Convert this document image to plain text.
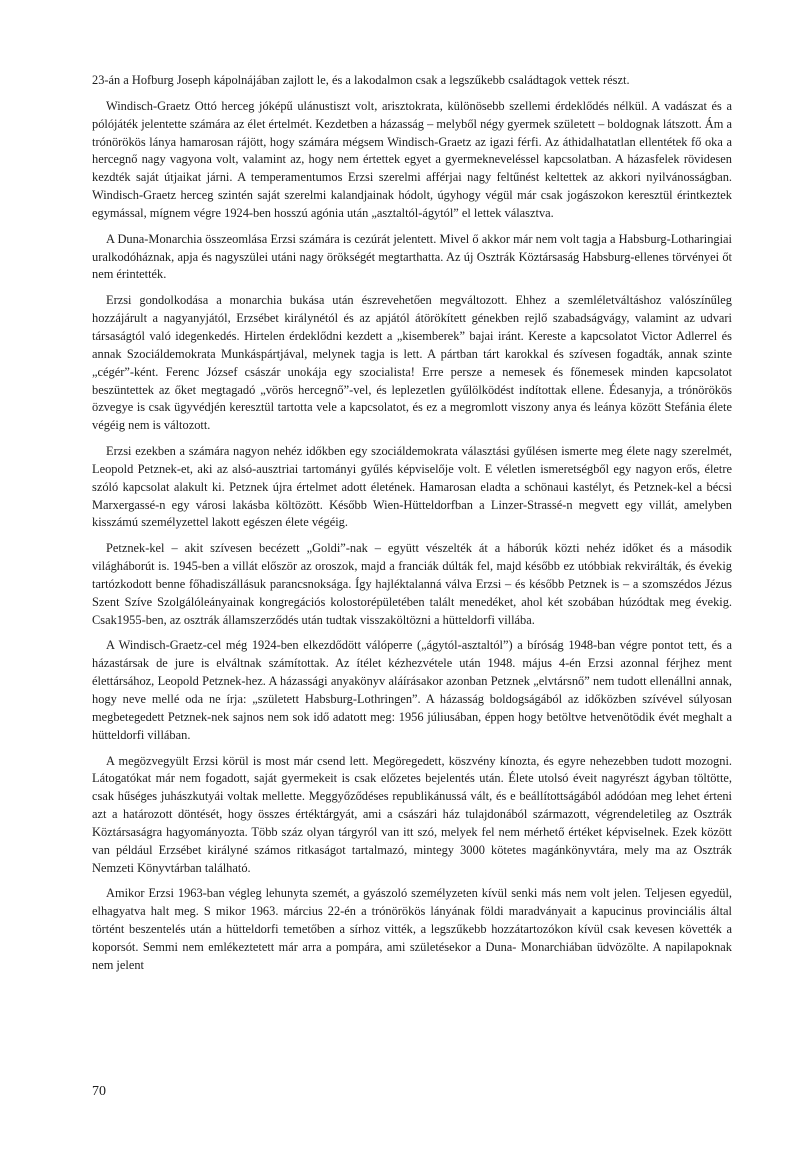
23-án a Hofburg Joseph kápolnájában zajlott le, és a lakodalmon csak a legszűkebb családtagok vettek részt.

Windisch-Graetz Ottó herceg jóképű ulánustiszt volt, arisztokrata, különösebb szellemi érdeklődés nélkül. A vadászat és a pólójáték jelentette számára az élet értelmét. Kezdetben a házasság – melyből négy gyermek született – boldognak látszott. Ám a trónörökös lánya hamarosan rájött, hogy számára mégsem Windisch-Graetz az igazi férfi. Az áthidalhatatlan ellentétek fő oka a hercegnő nagy vagyona volt, valamint az, hogy nem értettek egyet a gyermekneveléssel kapcsolatban. A házasfelek rövidesen kezdték saját útjaikat járni. A temperamentumos Erzsi szerelmi afférjai nagy feltűnést keltettek az akkori nyilvánosságban. Windisch-Graetz herceg szintén saját szerelmi kalandjainak hódolt, úgyhogy végül már csak jogászokon keresztül érintkeztek egymással, mígnem végre 1924-ben hosszú agónia után „asztaltól-ágytól” el lettek választva.

A Duna-Monarchia összeomlása Erzsi számára is cezúrát jelentett. Mivel ő akkor már nem volt tagja a Habsburg-Lotharingiai uralkodóháznak, apja és nagyszülei utáni nagy örökségét megtarthatta. Az új Osztrák Köztársaság Habsburg-ellenes törvényei őt nem érintették.

Erzsi gondolkodása a monarchia bukása után észrevehetően megváltozott. Ehhez a szemléletváltáshoz valószínűleg hozzájárult a nagyanyjától, Erzsébet királynétól és az apjától átörökített génekben rejlő szabadságvágy, valamint az udvari társaságtól való idegenkedés. Hirtelen érdeklődni kezdett a „kisemberek” bajai iránt. Kereste a kapcsolatot Victor Adlerrel és annak Szociáldemokrata Munkáspártjával, melynek tagja is lett. A pártban tárt karokkal és szívesen fogadták, annak szinte „cégér”-ként. Ferenc József császár unokája egy szocialista! Erre persze a nemesek és főnemesek minden kapcsolatot beszüntettek az őket megtagadó „vörös hercegnő”-vel, és leplezetlen gyűlölködést indítottak ellene. Édesanyja, a trónörökös özvegye is csak ügyvédjén keresztül tartotta vele a kapcsolatot, és ez a megromlott viszony anya és leánya között Stefánia élete végéig nem is változott.

Erzsi ezekben a számára nagyon nehéz időkben egy szociáldemokrata választási gyűlésen ismerte meg élete nagy szerelmét, Leopold Petznek-et, aki az alsó-ausztriai tartományi gyűlés képviselője volt. E véletlen ismeretségből egy nagyon erős, életre szóló kapcsolat alakult ki. Petznek újra értelmet adott életének. Hamarosan eladta a schönaui kastélyt, és Petznek-kel a bécsi Marxergassé-n egy városi lakásba költözött. Később Wien-Hütteldorfban a Linzer-Strassé-n megvett egy villát, amelyben kisszámú személyzettel lakott egészen élete végéig.

Petznek-kel – akit szívesen becézett „Goldi”-nak – együtt vészelték át a háborúk közti nehéz időket és a második világháborút is. 1945-ben a villát először az oroszok, majd a franciák dúlták fel, majd később ez utóbbiak rekvirálták, és évekig tartózkodott benne főhadiszállásuk parancsnoksága. Így hajléktalanná válva Erzsi – és később Petznek is – a szomszédos Jézus Szent Szíve Szolgálóleányainak kongregációs kolostorépületében talált menedéket, ahol két szobában húzódtak meg évekig. Csak1955-ben, az osztrák államszerződés után tudtak visszaköltözni a hütteldorfi villába.

A Windisch-Graetz-cel még 1924-ben elkezdődött válóperre („ágytól-asztaltól”) a bíróság 1948-ban végre pontot tett, és a házastársak de jure is elváltnak számítottak. Az ítélet kézhezvétele után 1948. május 4-én Erzsi azonnal férjhez ment élettársához, Leopold Petznek-hez. A házassági anyakönyv aláírásakor azonban Petznek „elvtársnő” nem tudott ellenállni annak, hogy neve mellé oda ne írja: „született Habsburg-Lothringen”. A házasság boldogságából az időközben szívével súlyosan megbetegedett Petznek-nek sajnos nem sok idő adatott meg: 1956 júliusában, éppen hogy betöltve hetvenötödik évét meghalt a hütteldorfi villában.

A megözvegyült Erzsi körül is most már csend lett. Megöregedett, köszvény kínozta, és egyre nehezebben tudott mozogni. Látogatókat már nem fogadott, saját gyermekeit is csak előzetes bejelentés után. Élete utolsó éveit nagyrészt ágyban töltötte, csak hűséges juhászkutyái voltak mellette. Meggyőződéses republikánussá vált, és e beállítottságából adódóan meg lehet érteni azt a határozott döntését, hogy összes értéktárgyát, ami a császári ház tulajdonából származott, végrendeletileg az Osztrák Köztársaságra hagyományozta. Több száz olyan tárgyról van itt szó, melyek fel nem mérhető értéket képviselnek. Ezek között van például Erzsébet királyné számos ritkaságot tartalmazó, mintegy 3000 kötetes magánkönyvtára, mely ma az Osztrák Nemzeti Könyvtárban található.

Amikor Erzsi 1963-ban végleg lehunyta szemét, a gyászoló személyzeten kívül senki más nem volt jelen. Teljesen egyedül, elhagyatva halt meg. S mikor 1963. március 22-én a trónörökös lányának földi maradványait a kapucinus provinciális által történt beszentelés után a hütteldorfi temetőben a sírhoz vitték, a legszűkebb hozzátartozókon kívül csak kevesen követték a koporsót. Semmi nem emlékeztetett már arra a pompára, ami születésekor a Duna- Monarchiában üdvözölte. A napilapoknak nem jelent

70
